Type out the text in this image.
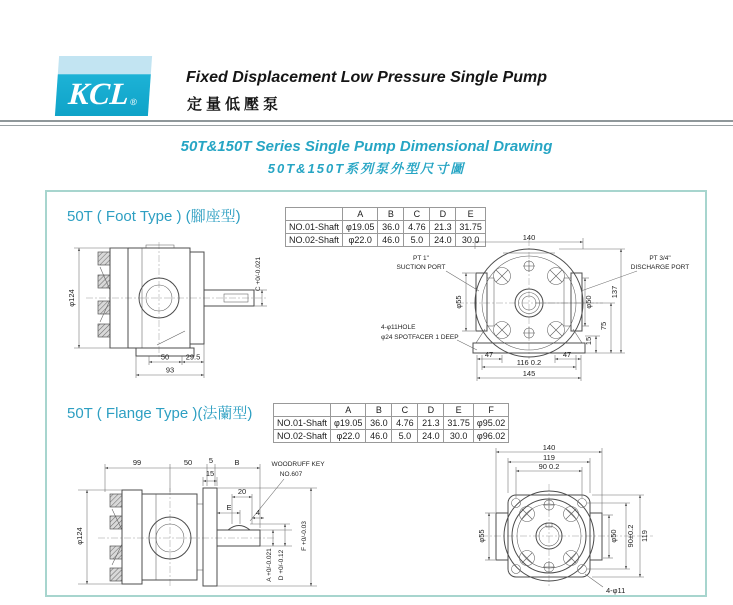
KCL ®
Fixed Displacement Low Pressure Single Pump
定量低壓泵
50T&150T Series Single Pump Dimensional Drawing
50T&150T系列泵外型尺寸圖
50T ( Foot Type ) (腳座型)
		A	B	C	D	E
NO.01-Shaft	φ19.05	36.0	4.76	21.3	31.75
NO.02-Shaft	φ22.0	46.0	5.0	24.0	30.0
φ124
C +0/-0.021
50 29.5
93
140
PT 1"
SUCTION PORT
PT 3/4"
DISCHARGE PORT
φ55	φ50
15
75
137
4-φ11HOLE
φ24 SPOTFACER 1 DEEP
47	47
116 0.2
145
50T ( Flange Type )(法蘭型)
		A	B	C	D	E	F
NO.01-Shaft	φ19.05	36.0	4.76	21.3	31.75	φ95.02
NO.02-Shaft	φ22.0	46.0	5.0	24.0	30.0	φ96.02
99	50 5	B
15
20
E
4
WOODRUFF KEY
NO.607
φ124
A +0/-0.021 D +0/-0.12
F +0/-0.03
140
119
90 0.2
φ55	φ50 90±0.2 119
4-φ11
